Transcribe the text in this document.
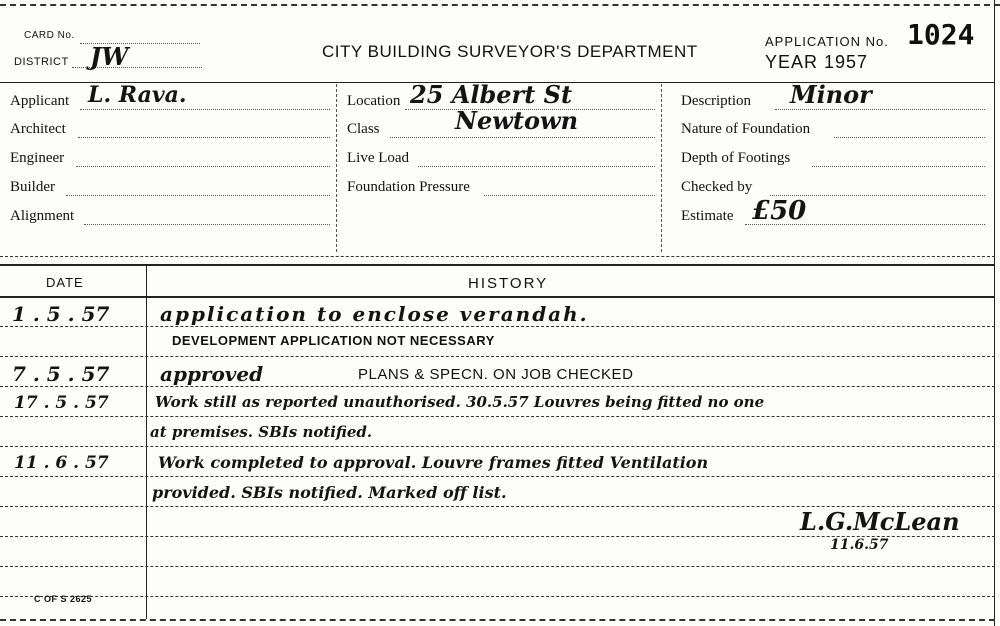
CARD No.
DISTRICT JW	CITY BUILDING SURVEYOR'S DEPARTMENT
APPLICATION No. 1024
YEAR 1957
Applicant L. Rava.
Architect
Engineer
Builder
Alignment
Location 25 Albert St
Class	Newtown
Live Load
Foundation Pressure
Description Minor
Nature of Foundation
Depth of Footings
Checked by
Estimate £50
DATE	HISTORY
1 . 5 . 57	application to enclose verandah.
DEVELOPMENT APPLICATION NOT NECESSARY
7 . 5 . 57	approved	PLANS & SPECN. ON JOB CHECKED
17 . 5 . 57	Work still as reported unauthorised. 30.5.57 Louvres being fitted no one
at premises. SBIs notified.
11 . 6 . 57	Work completed to approval. Louvre frames fitted Ventilation
provided. SBIs notified. Marked off list.
L.G.McLean
11.6.57
C OF S 2625
